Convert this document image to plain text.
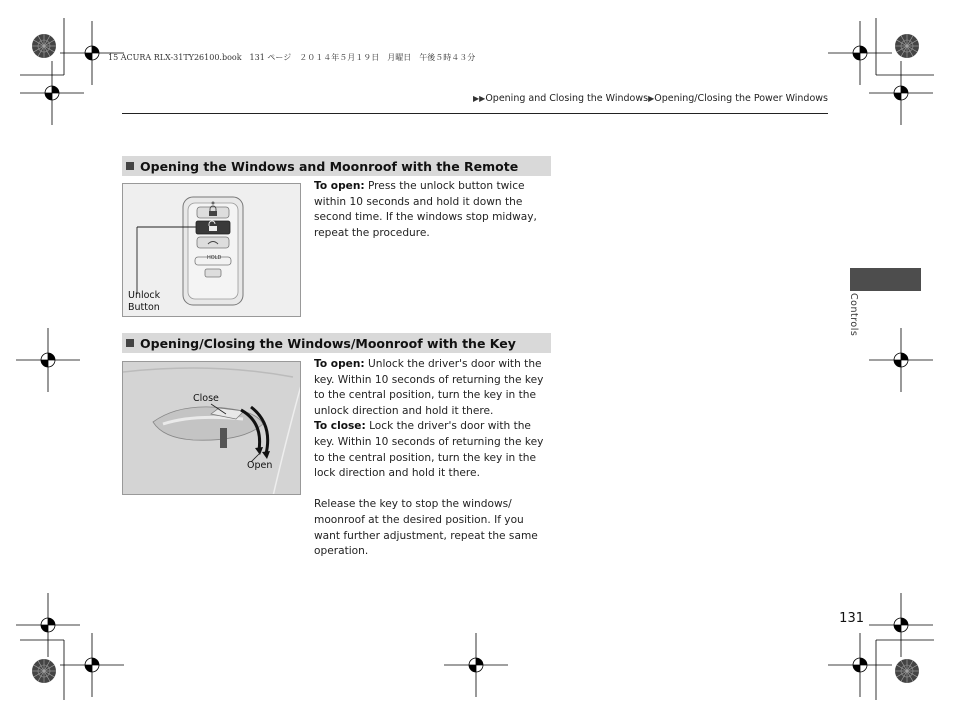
15 ACURA RLX-31TY26100.book　131 ページ　２０１４年５月１９日　月曜日　午後５時４３分
▶▶Opening and Closing the Windows▶Opening/Closing the Power Windows
Opening the Windows and Moonroof with the Remote
HOLD
Unlock
Button

To open: Press the unlock button twice within 10 seconds and hold it down the second time. If the windows stop midway, repeat the procedure.

Opening/Closing the Windows/Moonroof with the Key
Close
Open

To open: Unlock the driver's door with the key. Within 10 seconds of returning the key to the central position, turn the key in the unlock direction and hold it there.

To close: Lock the driver's door with the key. Within 10 seconds of returning the key to the central position, turn the key in the lock direction and hold it there.

Release the key to stop the windows/ moonroof at the desired position. If you want further adjustment, repeat the same operation.

Controls
131
